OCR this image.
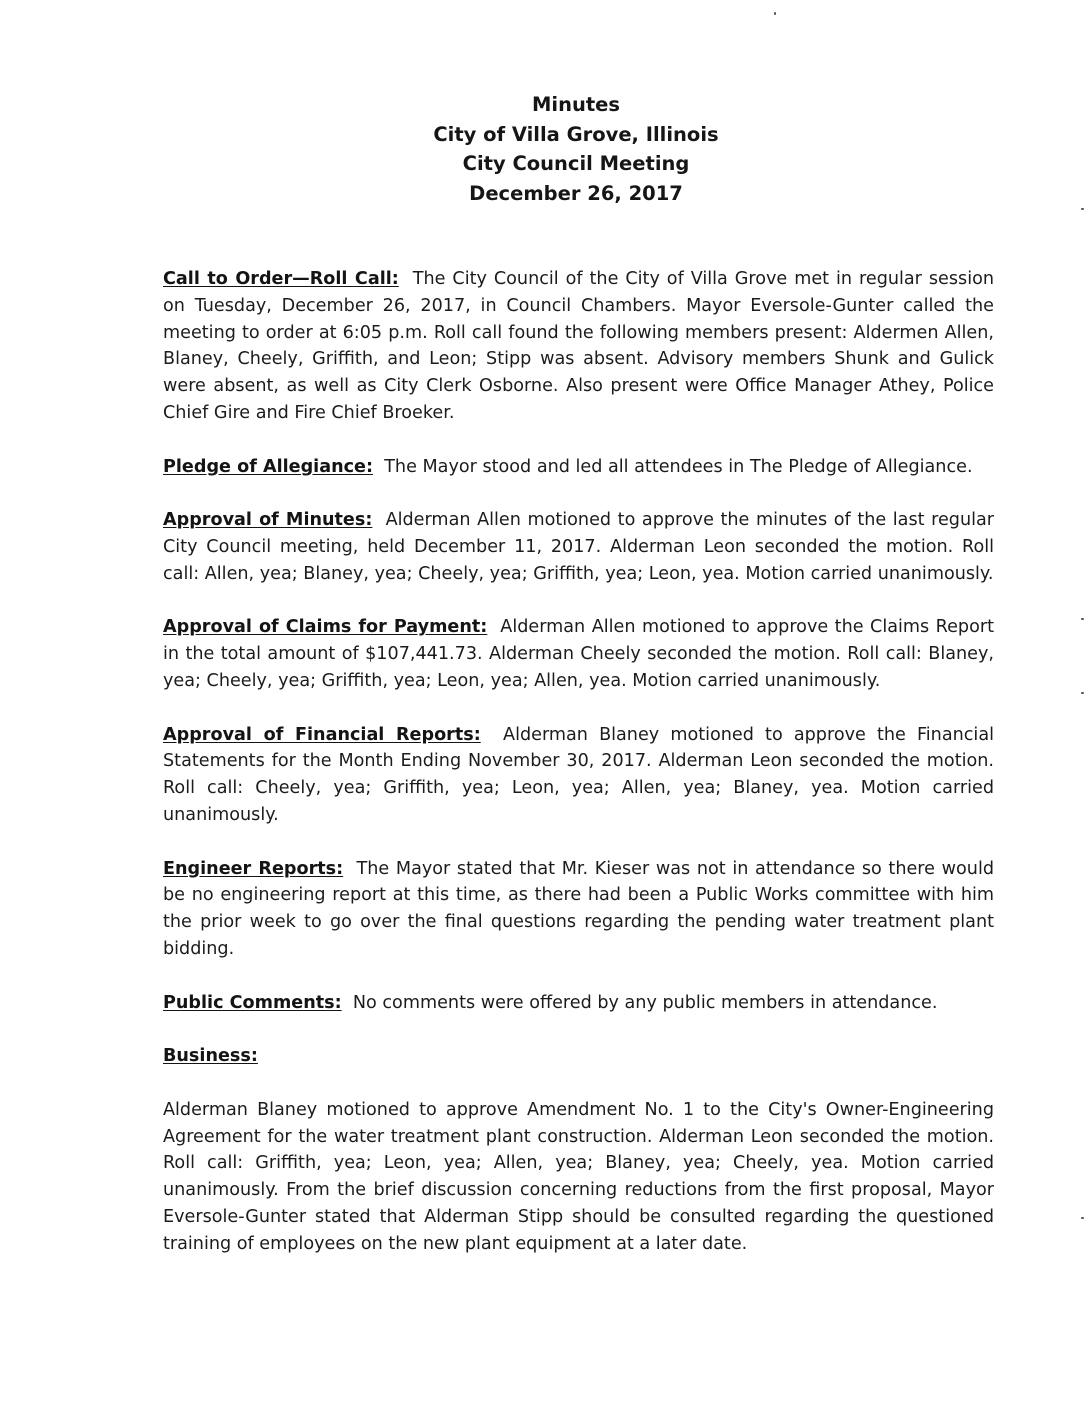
Minutes
City of Villa Grove, Illinois
City Council Meeting
December 26, 2017

Call to Order—Roll Call: The City Council of the City of Villa Grove met in regular session on Tuesday, December 26, 2017, in Council Chambers. Mayor Eversole-Gunter called the meeting to order at 6:05 p.m. Roll call found the following members present: Aldermen Allen, Blaney, Cheely, Griffith, and Leon; Stipp was absent. Advisory members Shunk and Gulick were absent, as well as City Clerk Osborne. Also present were Office Manager Athey, Police Chief Gire and Fire Chief Broeker.

Pledge of Allegiance: The Mayor stood and led all attendees in The Pledge of Allegiance.

Approval of Minutes: Alderman Allen motioned to approve the minutes of the last regular City Council meeting, held December 11, 2017. Alderman Leon seconded the motion. Roll call: Allen, yea; Blaney, yea; Cheely, yea; Griffith, yea; Leon, yea. Motion carried unanimously.

Approval of Claims for Payment: Alderman Allen motioned to approve the Claims Report in the total amount of $107,441.73. Alderman Cheely seconded the motion. Roll call: Blaney, yea; Cheely, yea; Griffith, yea; Leon, yea; Allen, yea. Motion carried unanimously.

Approval of Financial Reports: Alderman Blaney motioned to approve the Financial Statements for the Month Ending November 30, 2017. Alderman Leon seconded the motion. Roll call: Cheely, yea; Griffith, yea; Leon, yea; Allen, yea; Blaney, yea. Motion carried unanimously.

Engineer Reports: The Mayor stated that Mr. Kieser was not in attendance so there would be no engineering report at this time, as there had been a Public Works committee with him the prior week to go over the final questions regarding the pending water treatment plant bidding.

Public Comments: No comments were offered by any public members in attendance.

Business:

Alderman Blaney motioned to approve Amendment No. 1 to the City's Owner-Engineering Agreement for the water treatment plant construction. Alderman Leon seconded the motion. Roll call: Griffith, yea; Leon, yea; Allen, yea; Blaney, yea; Cheely, yea. Motion carried unanimously. From the brief discussion concerning reductions from the first proposal, Mayor Eversole-Gunter stated that Alderman Stipp should be consulted regarding the questioned training of employees on the new plant equipment at a later date.
